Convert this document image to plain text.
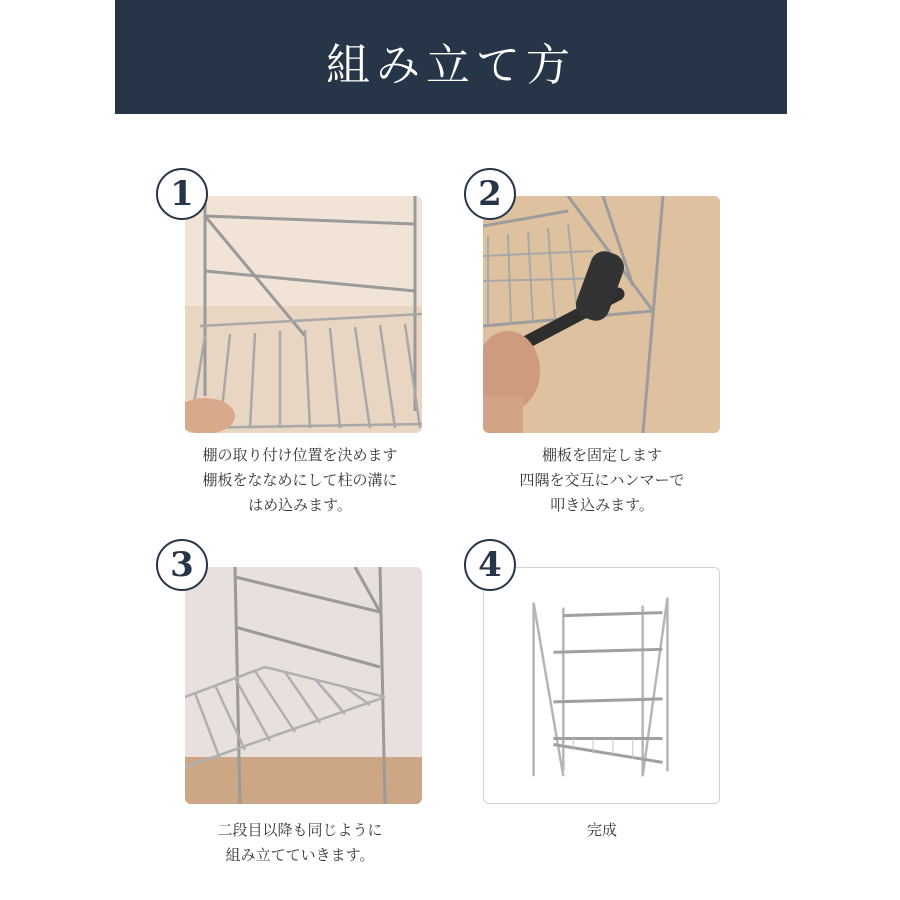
組み立て方
1
棚の取り付け位置を決めます
棚板をななめにして柱の溝に
はめ込みます。
2
棚板を固定します
四隅を交互にハンマーで
叩き込みます。
3
二段目以降も同じように
組み立てていきます。
4
完成
